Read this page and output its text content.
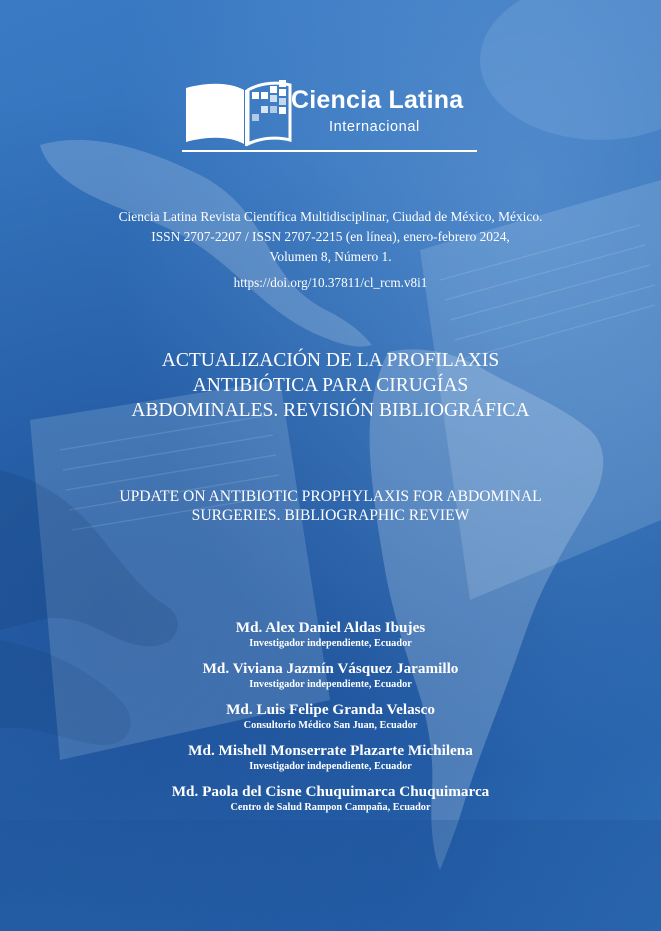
Ciencia Latina
Internacional
Ciencia Latina Revista Científica Multidisciplinar, Ciudad de México, México.
ISSN 2707-2207 / ISSN 2707-2215 (en línea), enero-febrero 2024,
Volumen 8, Número 1.
https://doi.org/10.37811/cl_rcm.v8i1
ACTUALIZACIÓN DE LA PROFILAXIS
ANTIBIÓTICA PARA CIRUGÍAS
ABDOMINALES. REVISIÓN BIBLIOGRÁFICA
UPDATE ON ANTIBIOTIC PROPHYLAXIS FOR ABDOMINAL
SURGERIES. BIBLIOGRAPHIC REVIEW
Md. Alex Daniel Aldas Ibujes
Investigador independiente, Ecuador
Md. Viviana Jazmín Vásquez Jaramillo
Investigador independiente, Ecuador
Md. Luis Felipe Granda Velasco
Consultorio Médico San Juan, Ecuador
Md. Mishell Monserrate Plazarte Michilena
Investigador independiente, Ecuador
Md. Paola del Cisne Chuquimarca Chuquimarca
Centro de Salud Rampon Campaña, Ecuador
